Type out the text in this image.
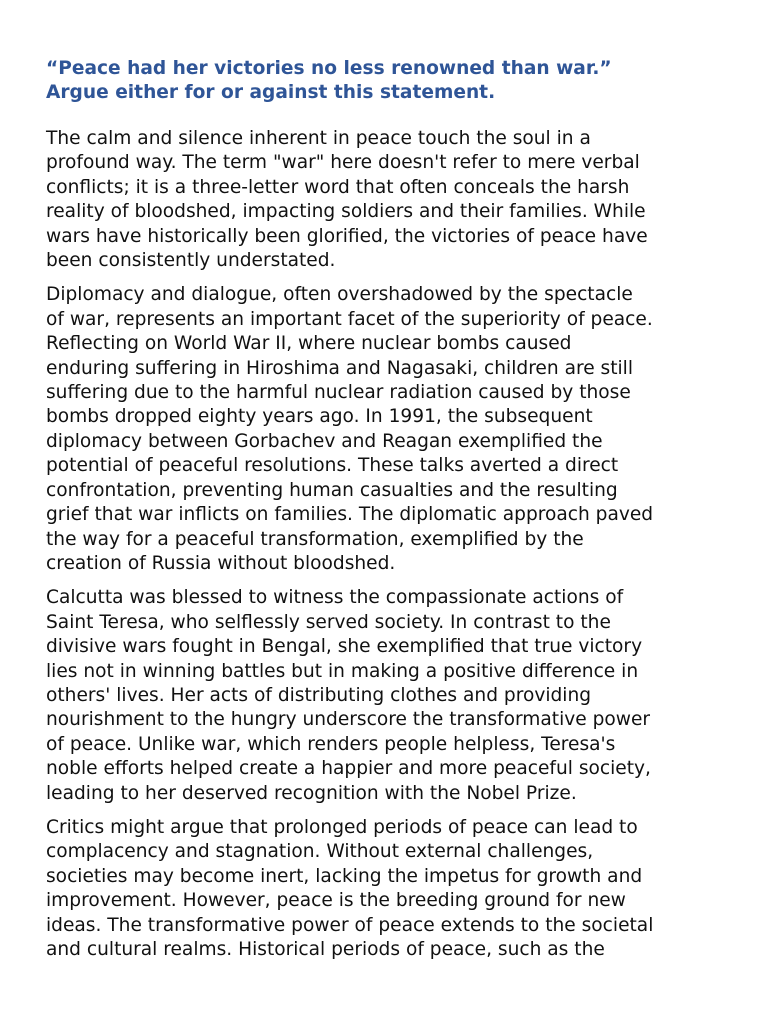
“Peace had her victories no less renowned than war.”
Argue either for or against this statement.

The calm and silence inherent in peace touch the soul in a
profound way. The term "war" here doesn't refer to mere verbal
conflicts; it is a three-letter word that often conceals the harsh
reality of bloodshed, impacting soldiers and their families. While
wars have historically been glorified, the victories of peace have
been consistently understated.

Diplomacy and dialogue, often overshadowed by the spectacle
of war, represents an important facet of the superiority of peace.
Reflecting on World War II, where nuclear bombs caused
enduring suffering in Hiroshima and Nagasaki, children are still
suffering due to the harmful nuclear radiation caused by those
bombs dropped eighty years ago. In 1991, the subsequent
diplomacy between Gorbachev and Reagan exemplified the
potential of peaceful resolutions. These talks averted a direct
confrontation, preventing human casualties and the resulting
grief that war inflicts on families. The diplomatic approach paved
the way for a peaceful transformation, exemplified by the
creation of Russia without bloodshed.

Calcutta was blessed to witness the compassionate actions of
Saint Teresa, who selflessly served society. In contrast to the
divisive wars fought in Bengal, she exemplified that true victory
lies not in winning battles but in making a positive difference in
others' lives. Her acts of distributing clothes and providing
nourishment to the hungry underscore the transformative power
of peace. Unlike war, which renders people helpless, Teresa's
noble efforts helped create a happier and more peaceful society,
leading to her deserved recognition with the Nobel Prize.

Critics might argue that prolonged periods of peace can lead to
complacency and stagnation. Without external challenges,
societies may become inert, lacking the impetus for growth and
improvement. However, peace is the breeding ground for new
ideas. The transformative power of peace extends to the societal
and cultural realms. Historical periods of peace, such as the
